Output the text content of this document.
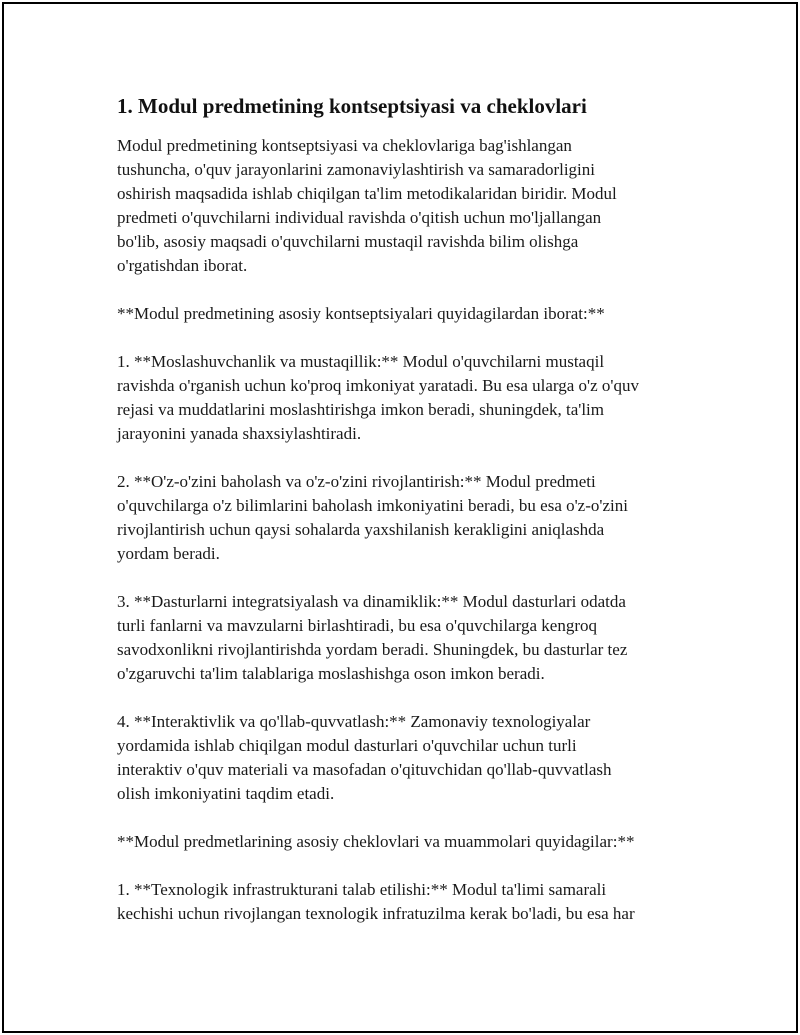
1. Modul predmetining kontseptsiyasi va cheklovlari
Modul predmetining kontseptsiyasi va cheklovlariga bag'ishlangan
tushuncha, o'quv jarayonlarini zamonaviylashtirish va samaradorligini
oshirish maqsadida ishlab chiqilgan ta'lim metodikalaridan biridir. Modul
predmeti o'quvchilarni individual ravishda o'qitish uchun mo'ljallangan
bo'lib, asosiy maqsadi o'quvchilarni mustaqil ravishda bilim olishga
o'rgatishdan iborat.
**Modul predmetining asosiy kontseptsiyalari quyidagilardan iborat:**
1. **Moslashuvchanlik va mustaqillik:** Modul o'quvchilarni mustaqil
ravishda o'rganish uchun ko'proq imkoniyat yaratadi. Bu esa ularga o'z o'quv
rejasi va muddatlarini moslashtirishga imkon beradi, shuningdek, ta'lim
jarayonini yanada shaxsiylashtiradi.
2. **O'z-o'zini baholash va o'z-o'zini rivojlantirish:** Modul predmeti
o'quvchilarga o'z bilimlarini baholash imkoniyatini beradi, bu esa o'z-o'zini
rivojlantirish uchun qaysi sohalarda yaxshilanish kerakligini aniqlashda
yordam beradi.
3. **Dasturlarni integratsiyalash va dinamiklik:** Modul dasturlari odatda
turli fanlarni va mavzularni birlashtiradi, bu esa o'quvchilarga kengroq
savodxonlikni rivojlantirishda yordam beradi. Shuningdek, bu dasturlar tez
o'zgaruvchi ta'lim talablariga moslashishga oson imkon beradi.
4. **Interaktivlik va qo'llab-quvvatlash:** Zamonaviy texnologiyalar
yordamida ishlab chiqilgan modul dasturlari o'quvchilar uchun turli
interaktiv o'quv materiali va masofadan o'qituvchidan qo'llab-quvvatlash
olish imkoniyatini taqdim etadi.
**Modul predmetlarining asosiy cheklovlari va muammolari quyidagilar:**
1. **Texnologik infrastrukturani talab etilishi:** Modul ta'limi samarali
kechishi uchun rivojlangan texnologik infratuzilma kerak bo'ladi, bu esa har
